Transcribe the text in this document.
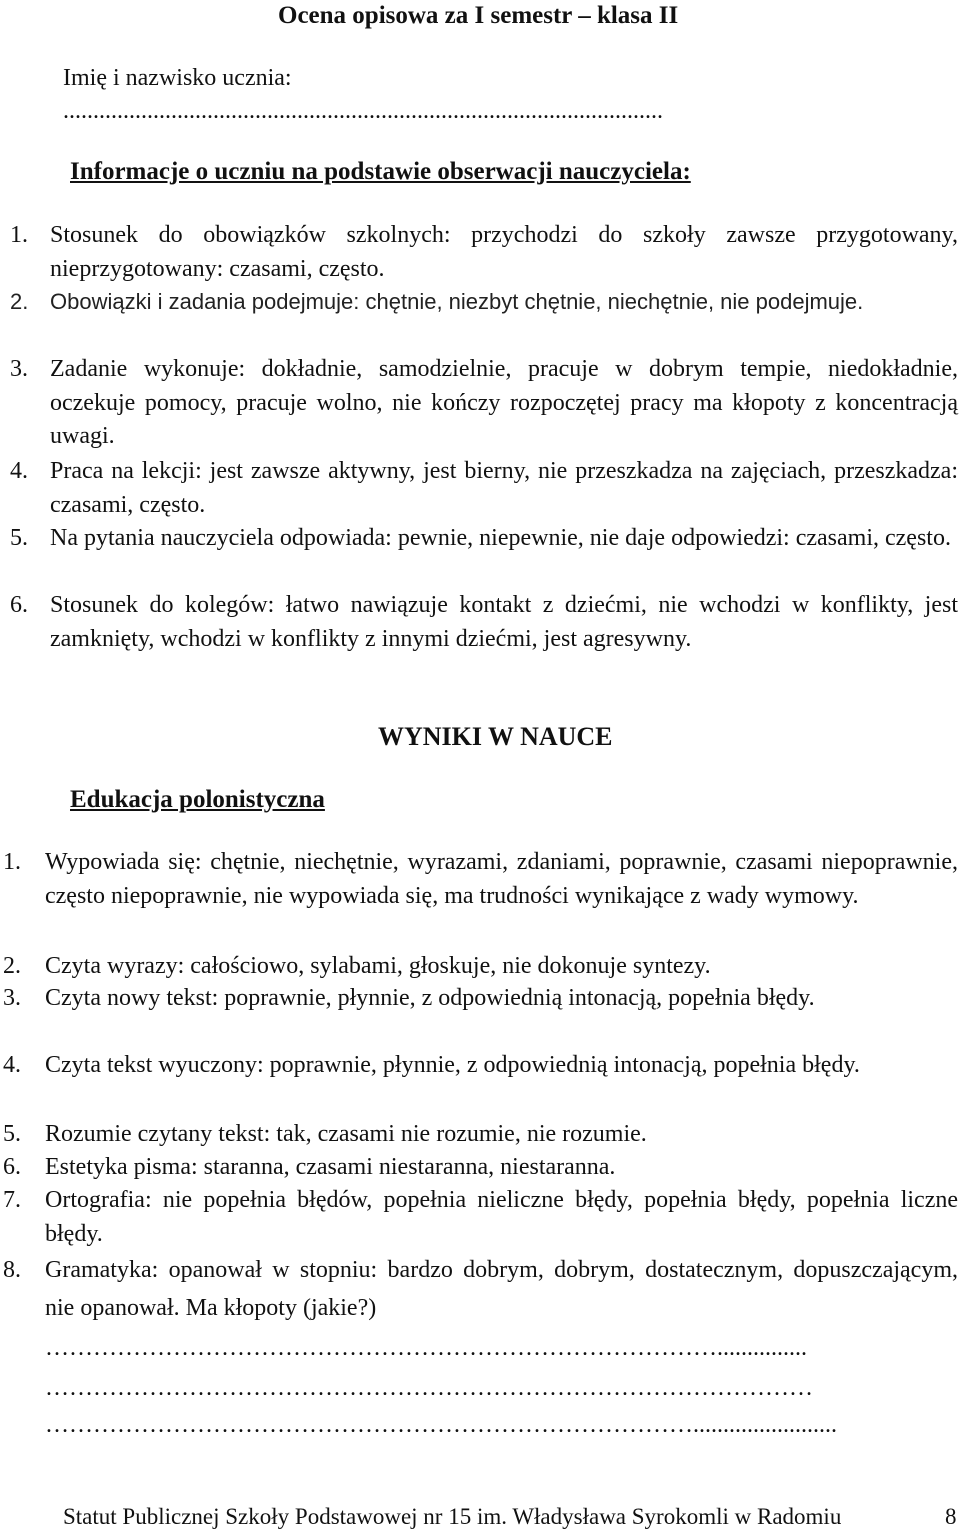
Ocena opisowa za I semestr – klasa II
Imię i nazwisko ucznia:
....................................................................................................
Informacje o uczniu na podstawie obserwacji nauczyciela:
1. Stosunek do obowiązków szkolnych: przychodzi do szkoły zawsze przygotowany, nieprzygotowany: czasami, często.
2. Obowiązki i zadania podejmuje: chętnie, niezbyt chętnie, niechętnie, nie podejmuje.
3. Zadanie wykonuje: dokładnie, samodzielnie, pracuje w dobrym tempie, niedokładnie, oczekuje pomocy, pracuje wolno, nie kończy rozpoczętej pracy ma kłopoty z koncentracją uwagi.
4. Praca na lekcji: jest zawsze aktywny, jest bierny, nie przeszkadza na zajęciach, przeszkadza: czasami, często.
5. Na pytania nauczyciela odpowiada: pewnie, niepewnie, nie daje odpowiedzi: czasami, często.
6. Stosunek do kolegów: łatwo nawiązuje kontakt z dziećmi, nie wchodzi w konflikty, jest zamknięty, wchodzi w konflikty z innymi dziećmi, jest agresywny.
WYNIKI W NAUCE
Edukacja polonistyczna
1. Wypowiada się: chętnie, niechętnie, wyrazami, zdaniami, poprawnie, czasami niepoprawnie, często niepoprawnie, nie wypowiada się, ma trudności wynikające z wady wymowy.
2. Czyta wyrazy: całościowo, sylabami, głoskuje, nie dokonuje syntezy.
3. Czyta nowy tekst: poprawnie, płynnie, z odpowiednią intonacją, popełnia błędy.
4. Czyta tekst wyuczony: poprawnie, płynnie, z odpowiednią intonacją, popełnia błędy.
5. Rozumie czytany tekst: tak, czasami nie rozumie, nie rozumie.
6. Estetyka pisma: staranna, czasami niestaranna, niestaranna.
7. Ortografia: nie popełnia błędów, popełnia nieliczne błędy, popełnia błędy, popełnia liczne błędy.
8. Gramatyka: opanował w stopniu: bardzo dobrym, dobrym, dostatecznym, dopuszczającym, nie opanował. Ma kłopoty (jakie?)
…………………………………………………………………………...............
……………………………………………………………………………………
………………………………………………………………………........................
Statut Publicznej Szkoły Podstawowej nr 15 im. Władysława Syrokomli w Radomiu	8
